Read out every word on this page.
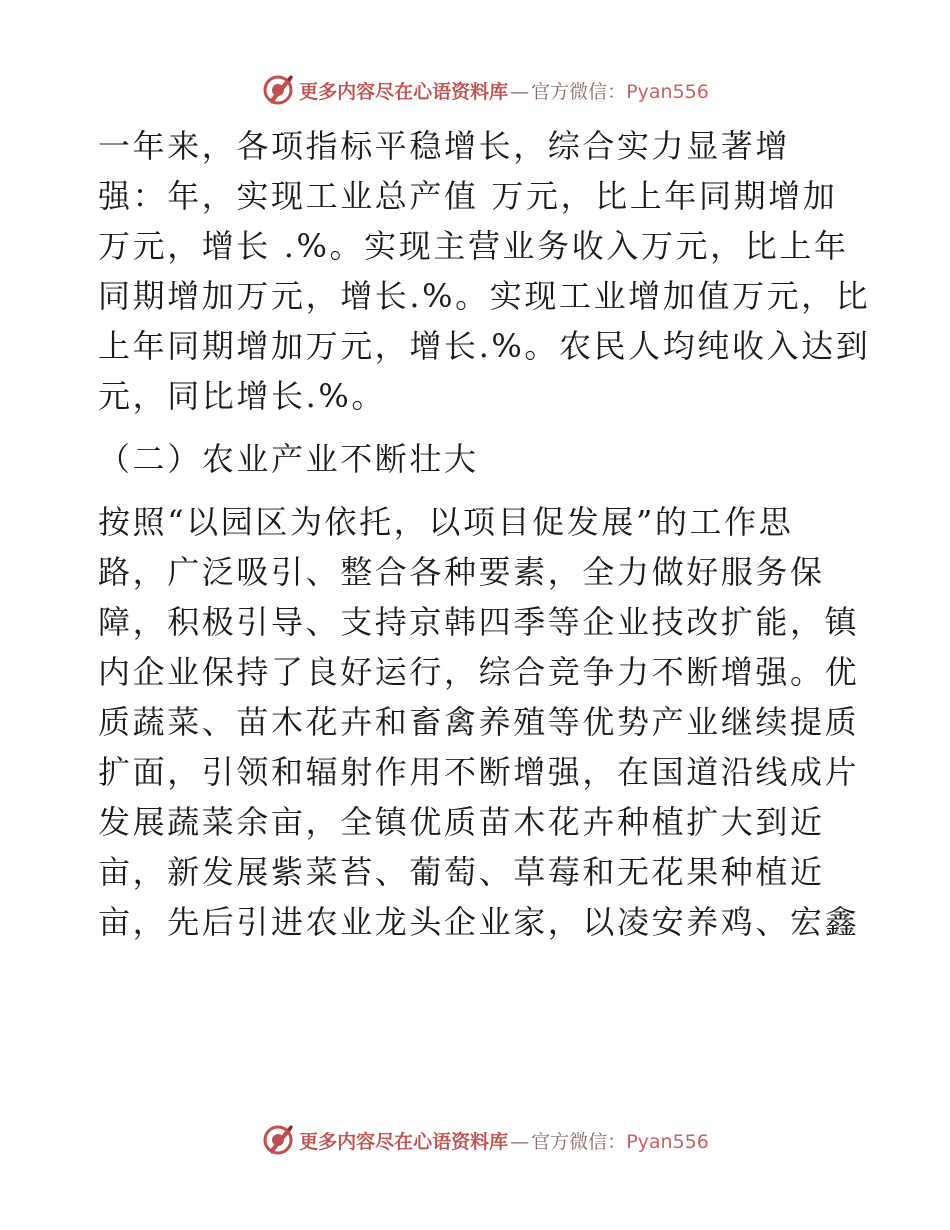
更多内容尽在心语资料库 — 官方微信：Pyan556

一年来，各项指标平稳增长，综合实力显著增

强：年，实现工业总产值 万元，比上年同期增加

万元，增长 .%。实现主营业务收入万元，比上年

同期增加万元，增长.%。实现工业增加值万元，比

上年同期增加万元，增长.%。农民人均纯收入达到

元，同比增长.%。

（二）农业产业不断壮大

按照“以园区为依托，以项目促发展”的工作思

路，广泛吸引、整合各种要素，全力做好服务保

障，积极引导、支持京韩四季等企业技改扩能，镇

内企业保持了良好运行，综合竞争力不断增强。优

质蔬菜、苗木花卉和畜禽养殖等优势产业继续提质

扩面，引领和辐射作用不断增强，在国道沿线成片

发展蔬菜余亩，全镇优质苗木花卉种植扩大到近

亩，新发展紫菜苔、葡萄、草莓和无花果种植近

亩，先后引进农业龙头企业家，以凌安养鸡、宏鑫

更多内容尽在心语资料库 — 官方微信：Pyan556
